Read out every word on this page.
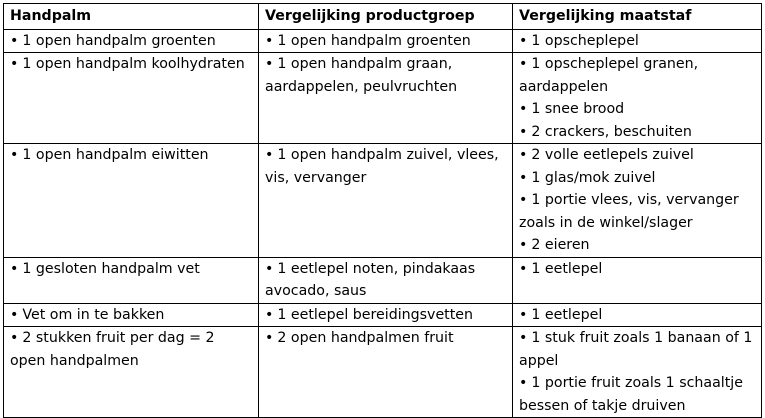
Handpalm	Vergelijking productgroep	Vergelijking maatstaf

• 1 open handpalm groenten	• 1 open handpalm groenten	• 1 opscheplepel

• 1 open handpalm koolhydraten	• 1 open handpalm graan, aardappelen, peulvruchten	• 1 opscheplepel granen, aardappelen
• 1 snee brood
• 2 crackers, beschuiten

• 1 open handpalm eiwitten	• 1 open handpalm zuivel, vlees, vis, vervanger	• 2 volle eetlepels zuivel
• 1 glas/mok zuivel
• 1 portie vlees, vis, vervanger zoals in de winkel/slager
• 2 eieren

• 1 gesloten handpalm vet	• 1 eetlepel noten, pindakaas avocado, saus	• 1 eetlepel

• Vet om in te bakken	• 1 eetlepel bereidingsvetten	• 1 eetlepel

• 2 stukken fruit per dag = 2 open handpalmen	• 2 open handpalmen fruit	• 1 stuk fruit zoals 1 banaan of 1 appel
• 1 portie fruit zoals 1 schaaltje bessen of takje druiven
